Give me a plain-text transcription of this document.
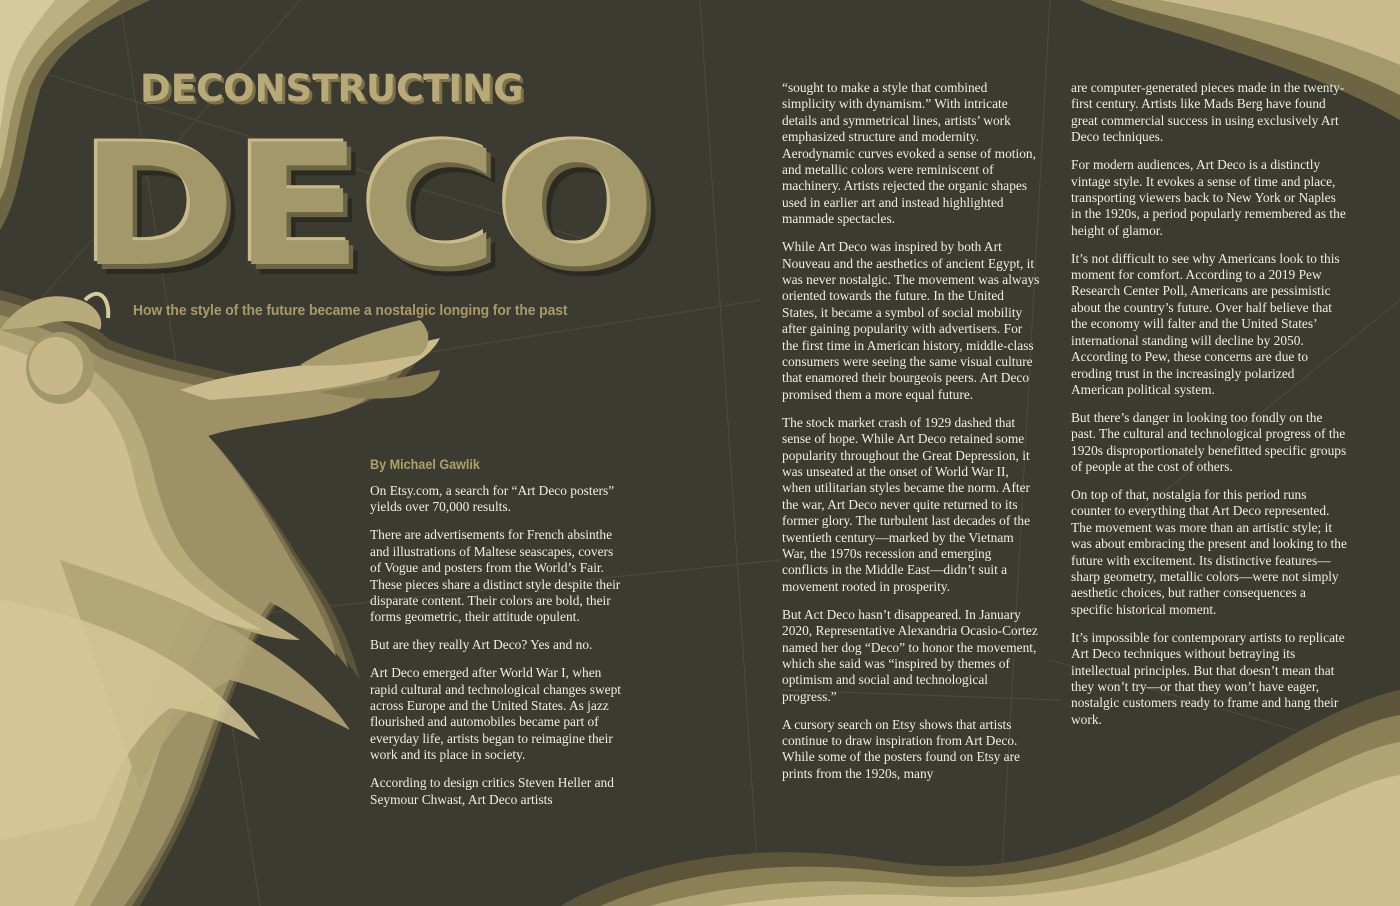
DECONSTRUCTING
DECO

How the style of the future became a nostalgic longing for the past

By Michael Gawlik

On Etsy.com, a search for “Art Deco posters” yields over 70,000 results.

There are advertisements for French absinthe and illustrations of Maltese seascapes, covers of Vogue and posters from the World’s Fair. These pieces share a distinct style despite their disparate content. Their colors are bold, their forms geometric, their attitude opulent.

But are they really Art Deco? Yes and no.

Art Deco emerged after World War I, when rapid cultural and technological changes swept across Europe and the United States. As jazz flourished and automobiles became part of everyday life, artists began to reimagine their work and its place in society.

According to design critics Steven Heller and Seymour Chwast, Art Deco artists

“sought to make a style that combined simplicity with dynamism.” With intricate details and symmetrical lines, artists’ work emphasized structure and modernity. Aerodynamic curves evoked a sense of motion, and metallic colors were reminiscent of machinery. Artists rejected the organic shapes used in earlier art and instead highlighted manmade spectacles.

While Art Deco was inspired by both Art Nouveau and the aesthetics of ancient Egypt, it was never nostalgic. The movement was always oriented towards the future. In the United States, it became a symbol of social mobility after gaining popularity with advertisers. For the first time in American history, middle-class consumers were seeing the same visual culture that enamored their bourgeois peers. Art Deco promised them a more equal future.

The stock market crash of 1929 dashed that sense of hope. While Art Deco retained some popularity throughout the Great Depression, it was unseated at the onset of World War II, when utilitarian styles became the norm. After the war, Art Deco never quite returned to its former glory. The turbulent last decades of the twentieth century—marked by the Vietnam War, the 1970s recession and emerging conflicts in the Middle East—didn’t suit a movement rooted in prosperity.

But Act Deco hasn’t disappeared. In January 2020, Representative Alexandria Ocasio-Cortez named her dog “Deco” to honor the movement, which she said was “inspired by themes of optimism and social and technological progress.”

A cursory search on Etsy shows that artists continue to draw inspiration from Art Deco. While some of the posters found on Etsy are prints from the 1920s, many

are computer-generated pieces made in the twenty-first century. Artists like Mads Berg have found great commercial success in using exclusively Art Deco techniques.

For modern audiences, Art Deco is a distinctly vintage style. It evokes a sense of time and place, transporting viewers back to New York or Naples in the 1920s, a period popularly remembered as the height of glamor.

It’s not difficult to see why Americans look to this moment for comfort. According to a 2019 Pew Research Center Poll, Americans are pessimistic about the country’s future. Over half believe that the economy will falter and the United States’ international standing will decline by 2050. According to Pew, these concerns are due to eroding trust in the increasingly polarized American political system.

But there’s danger in looking too fondly on the past. The cultural and technological progress of the 1920s disproportionately benefitted specific groups of people at the cost of others.

On top of that, nostalgia for this period runs counter to everything that Art Deco represented. The movement was more than an artistic style; it was about embracing the present and looking to the future with excitement. Its distinctive features—sharp geometry, metallic colors—were not simply aesthetic choices, but rather consequences a specific historical moment.

It’s impossible for contemporary artists to replicate Art Deco techniques without betraying its intellectual principles. But that doesn’t mean that they won’t try—or that they won’t have eager, nostalgic customers ready to frame and hang their work.
